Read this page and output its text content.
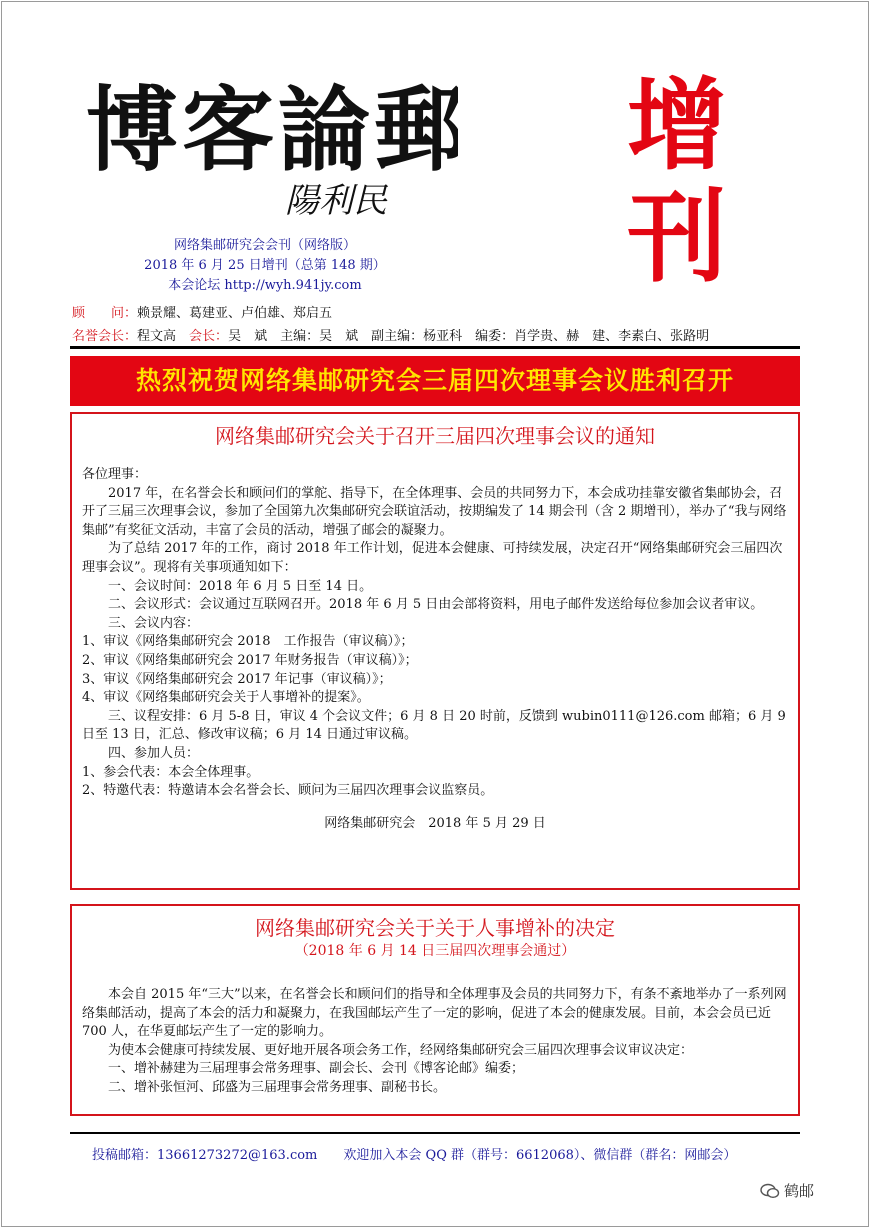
博客論郵
陽利民
网络集邮研究会会刊（网络版）
2018 年 6 月 25 日增刊（总第 148 期）
本会论坛 http://wyh.941jy.com
增刊
顾　　问：赖景耀、葛建亚、卢伯雄、郑启五
名誉会长：程文高　 会长：吴　斌　主编：吴　斌　副主编：杨亚科　编委：肖学贵、赫　建、李素白、张路明
热烈祝贺网络集邮研究会三届四次理事会议胜利召开
网络集邮研究会关于召开三届四次理事会议的通知

各位理事：

2017 年，在名誉会长和顾问们的掌舵、指导下，在全体理事、会员的共同努力下，本会成功挂靠安徽省集邮协会，召开了三届三次理事会议，参加了全国第九次集邮研究会联谊活动，按期编发了 14 期会刊（含 2 期增刊），举办了“我与网络集邮”有奖征文活动，丰富了会员的活动，增强了邮会的凝聚力。

为了总结 2017 年的工作，商讨 2018 年工作计划，促进本会健康、可持续发展，决定召开“网络集邮研究会三届四次理事会议”。现将有关事项通知如下：

一、会议时间：2018 年 6 月 5 日至 14 日。

二、会议形式：会议通过互联网召开。2018 年 6 月 5 日由会部将资料，用电子邮件发送给每位参加会议者审议。

三、会议内容：

1、审议《网络集邮研究会 2018　工作报告（审议稿）》；

2、审议《网络集邮研究会 2017 年财务报告（审议稿）》；

3、审议《网络集邮研究会 2017 年记事（审议稿）》；

4、审议《网络集邮研究会关于人事增补的提案》。

三、议程安排：6 月 5-8 日，审议 4 个会议文件；6 月 8 日 20 时前，反馈到 wubin0111@126.com 邮箱；6 月 9 日至 13 日，汇总、修改审议稿；6 月 14 日通过审议稿。

四、参加人员：

1、参会代表：本会全体理事。

2、特邀代表：特邀请本会名誉会长、顾问为三届四次理事会议监察员。

网络集邮研究会　2018 年 5 月 29 日

网络集邮研究会关于关于人事增补的决定
（2018 年 6 月 14 日三届四次理事会通过）

本会自 2015 年“三大”以来，在名誉会长和顾问们的指导和全体理事及会员的共同努力下，有条不紊地举办了一系列网络集邮活动，提高了本会的活力和凝聚力，在我国邮坛产生了一定的影响，促进了本会的健康发展。目前，本会会员已近 700 人，在华夏邮坛产生了一定的影响力。

为使本会健康可持续发展、更好地开展各项会务工作，经网络集邮研究会三届四次理事会议审议决定：

一、增补赫建为三届理事会常务理事、副会长、会刊《博客论邮》编委；

二、增补张恒河、邱盛为三届理事会常务理事、副秘书长。

投稿邮箱：13661273272@163.com　　 欢迎加入本会 QQ 群（群号：6612068）、微信群（群名：网邮会）
鹤邮
